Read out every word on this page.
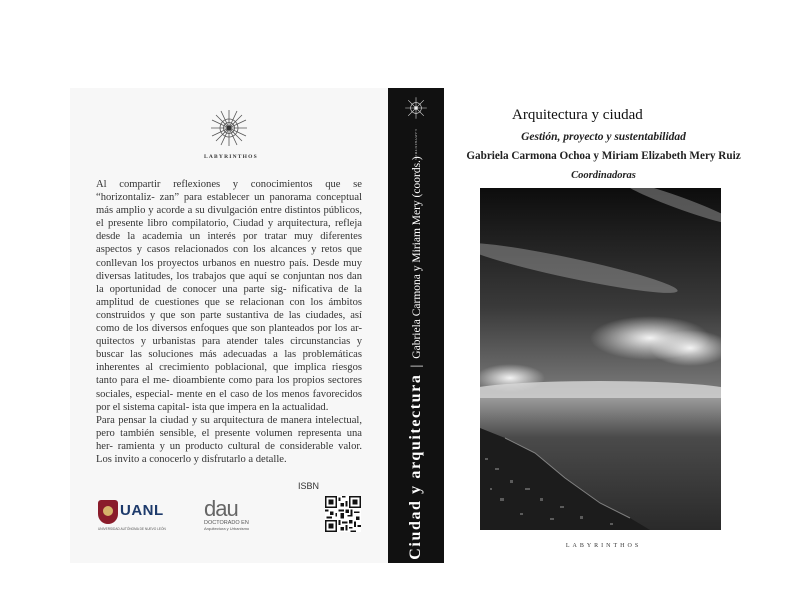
LABYRINTHOS

Al compartir reflexiones y conocimientos que se “horizontaliz- zan” para establecer un panorama conceptual más amplio y acorde a su divulgación entre distintos públicos, el presente libro compilatorio, Ciudad y arquitectura, refleja desde la academia un interés por tratar muy diferentes aspectos y casos relacionados con los alcances y retos que conllevan los proyectos urbanos en nuestro país. Desde muy diversas latitudes, los trabajos que aquí se conjuntan nos dan la oportunidad de conocer una parte sig- nificativa de la amplitud de cuestiones que se relacionan con los ámbitos construidos y que son parte sustantiva de las ciudades, así como de los diversos enfoques que son planteados por los ar- quitectos y urbanistas para atender tales circunstancias y buscar las soluciones más adecuadas a las problemáticas inherentes al crecimiento poblacional, que implica riesgos tanto para el me- dioambiente como para los propios sectores sociales, especial- mente en el caso de los menos favorecidos por el sistema capital- ista que impera en la actualidad.

Para pensar la ciudad y su arquitectura de manera intelectual, pero también sensible, el presente volumen representa una her- ramienta y un producto cultural de considerable valor. Los invito a conocerlo y disfrutarlo a detalle.

ISBN
UANL
UNIVERSIDAD AUTÓNOMA DE NUEVO LEÓN
dau
DOCTORADO EN
Arquitectura y Urbanismo
LABYRINTHOS
Ciudad y arquitectura|Gabriela Carmona y Miriam Mery (coords.)
Arquitectura y ciudad
Gestión, proyecto y sustentabilidad
Gabriela Carmona Ochoa y Miriam Elizabeth Mery Ruiz
Coordinadoras
LABYRINTHOS
